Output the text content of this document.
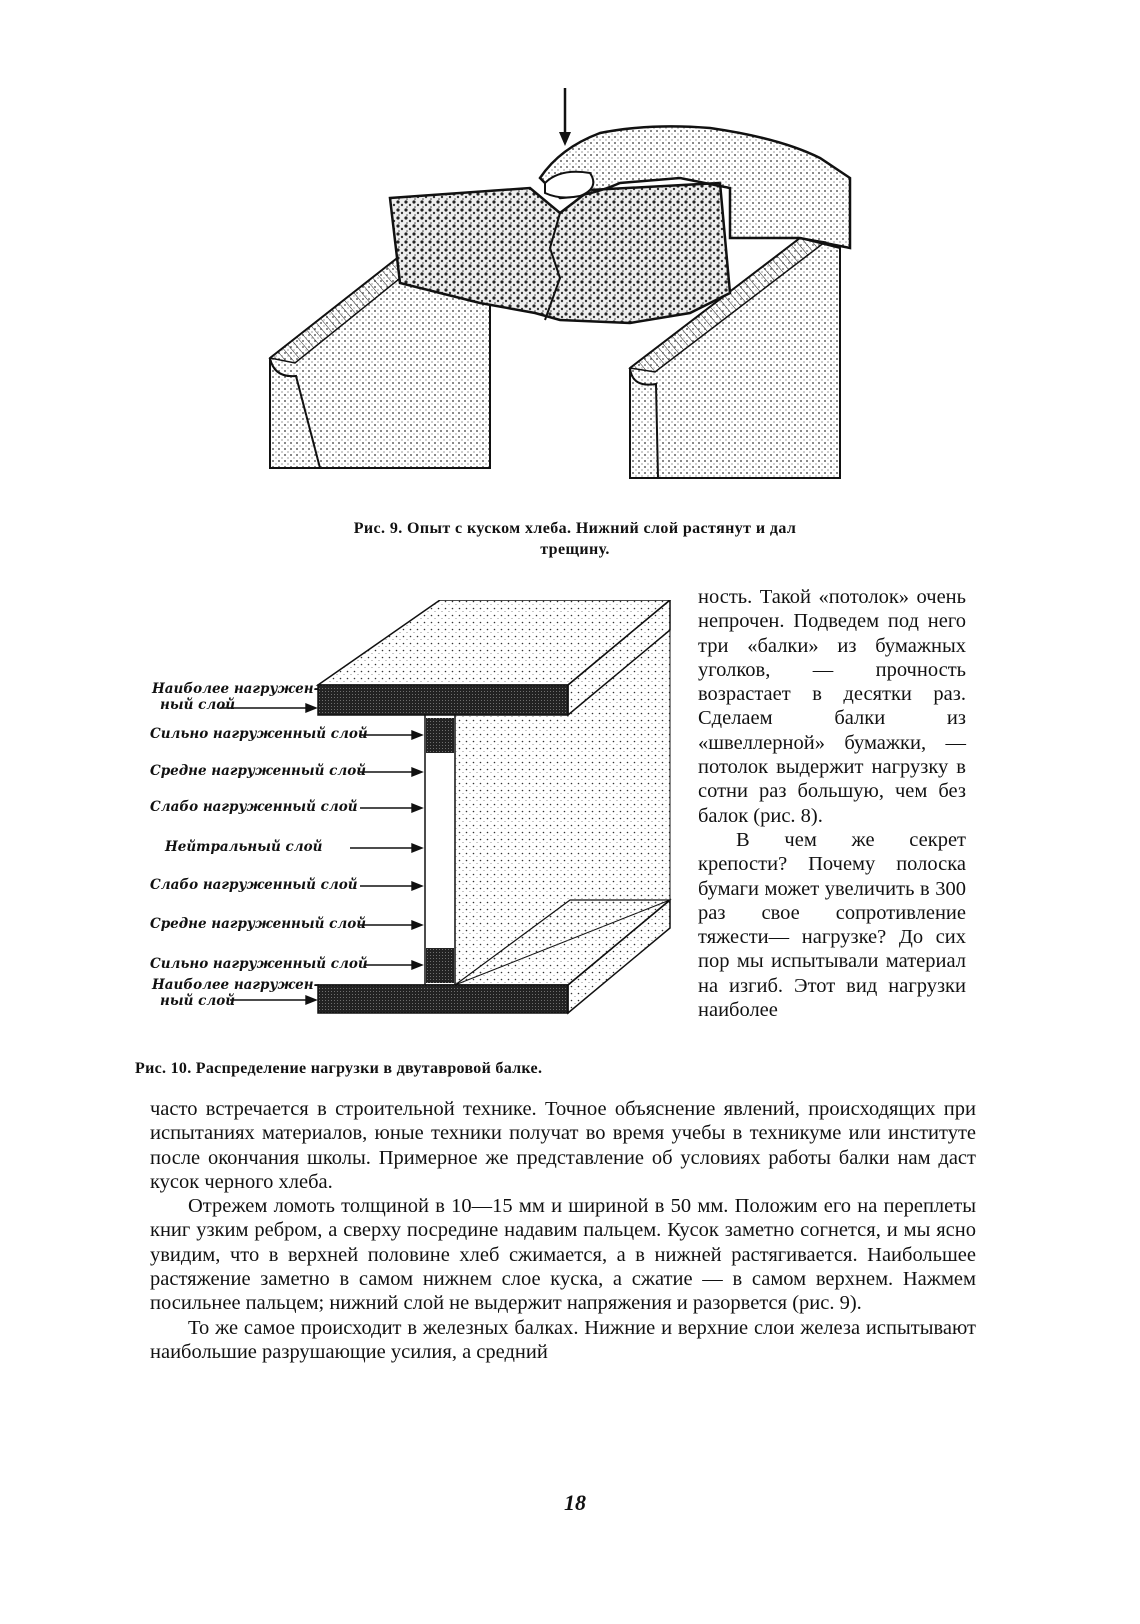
Рис. 9. Опыт с куском хлеба. Нижний слой растянут и дал
трещину.
Наиболее нагружен-
ный слой
Сильно нагруженный слой
Средне нагруженный слой
Слабо нагруженный слой
Нейтральный слой
Слабо нагруженный слой
Средне нагруженный слой
Сильно нагруженный слой
Наиболее нагружен-
ный слой
Рис. 10. Распределение нагрузки в двутавровой балке.

ность. Такой «потолок» очень непрочен. Подведем под него три «балки» из бумажных уголков, — прочность возрастает в десятки раз. Сделаем балки из «швеллерной» бумажки, — потолок выдержит нагрузку в сотни раз большую, чем без балок (рис. 8).

В чем же секрет крепости? Почему полоска бумаги может увеличить в 300 раз свое сопротивление тяжести— нагрузке? До сих пор мы испытывали материал на изгиб. Этот вид нагрузки наиболее

часто встречается в строительной технике. Точное объяснение явлений, происходящих при испытаниях материалов, юные техники получат во время учебы в техникуме или институте после окончания школы. Примерное же представление об условиях работы балки нам даст кусок черного хлеба.

Отрежем ломоть толщиной в 10—15 мм и шириной в 50 мм. Положим его на переплеты книг узким ребром, а сверху посредине надавим пальцем. Кусок заметно согнется, и мы ясно увидим, что в верхней половине хлеб сжимается, а в нижней растягивается. Наибольшее растяжение заметно в самом нижнем слое куска, а сжатие — в самом верхнем. Нажмем посильнее пальцем; нижний слой не выдержит напряжения и разорвется (рис. 9).

То же самое происходит в железных балках. Нижние и верхние слои железа испытывают наибольшие разрушающие усилия, а средний

18
